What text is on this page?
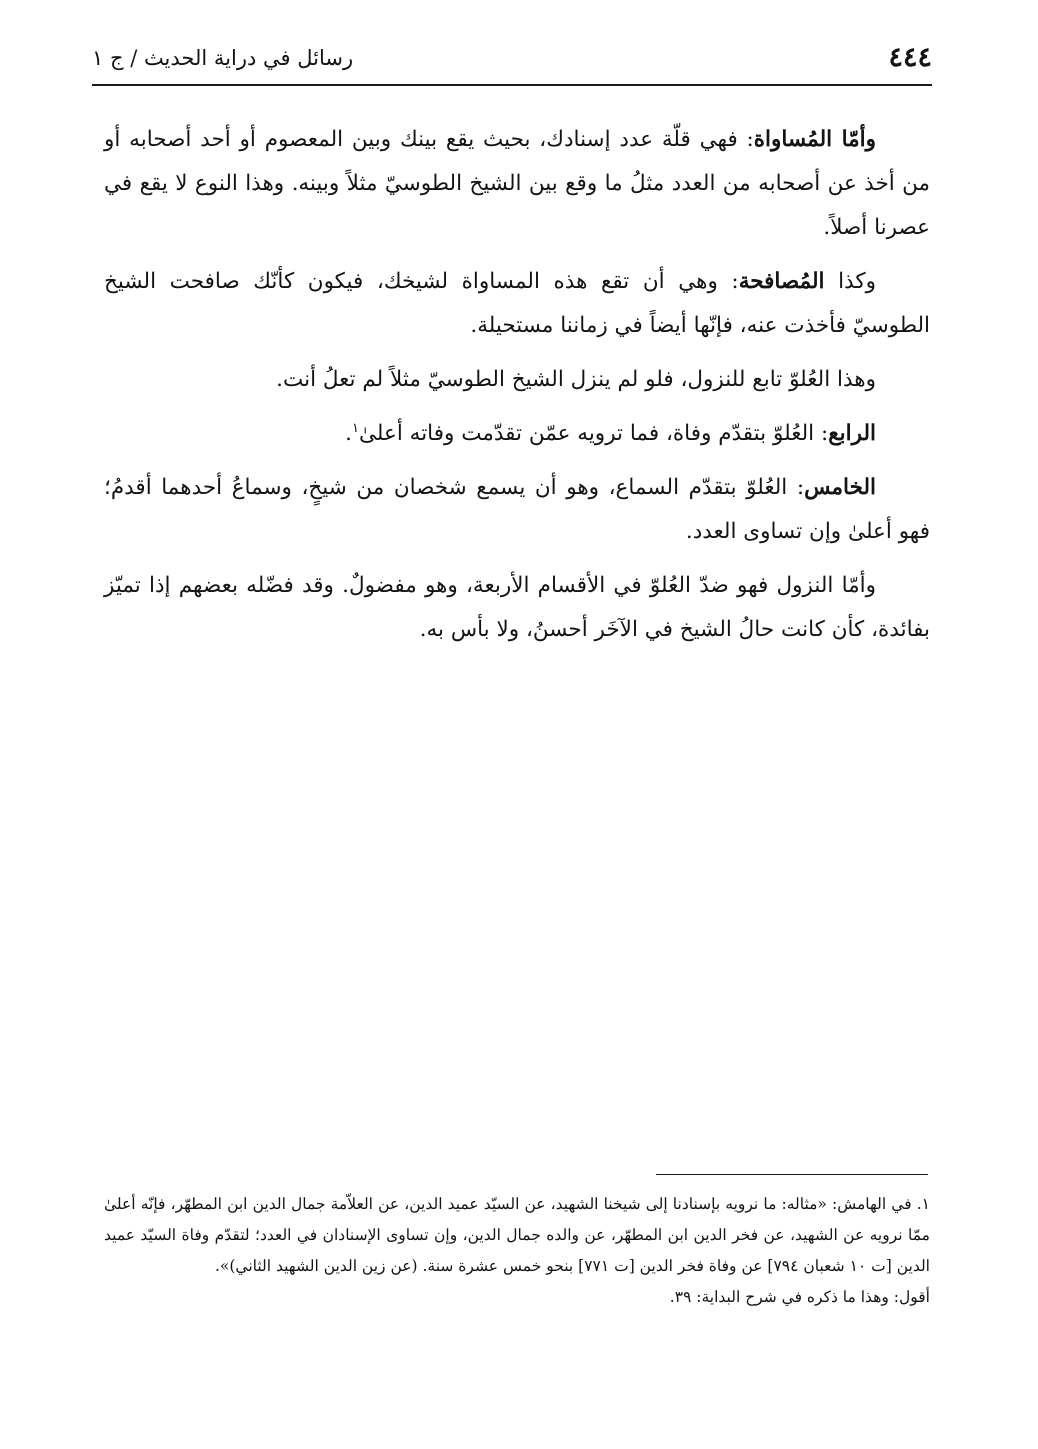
٤٤٤
رسائل في دراية الحديث / ج ١

وأمّا المُساواة: فهي قلّة عدد إسنادك، بحيث يقع بينك وبين المعصوم أو أحد أصحابه أو من أخذ عن أصحابه من العدد مثلُ ما وقع بين الشيخ الطوسيّ مثلاً وبينه. وهذا النوع لا يقع في عصرنا أصلاً.

وكذا المُصافحة: وهي أن تقع هذه المساواة لشيخك، فيكون كأنّك صافحت الشيخ الطوسيّ فأخذت عنه، فإنّها أيضاً في زماننا مستحيلة.

وهذا العُلوّ تابع للنزول، فلو لم ينزل الشيخ الطوسيّ مثلاً لم تعلُ أنت.

الرابع: العُلوّ بتقدّم وفاة، فما ترويه عمّن تقدّمت وفاته أعلىٰ$^١$.

الخامس: العُلوّ بتقدّم السماع، وهو أن يسمع شخصان من شيخٍ، وسماعُ أحدهما أقدمُ؛ فهو أعلىٰ وإن تساوى العدد.

وأمّا النزول فهو ضدّ العُلوّ في الأقسام الأربعة، وهو مفضولٌ. وقد فضّله بعضهم إذا تميّز بفائدة، كأن كانت حالُ الشيخ في الآخَر أحسنُ، ولا بأس به.

١. في الهامش: «مثاله: ما نرويه بإسنادنا إلى شيخنا الشهيد، عن السيّد عميد الدين، عن العلاّمة جمال الدين ابن المطهّر، فإنّه أعلىٰ ممّا نرويه عن الشهيد، عن فخر الدين ابن المطهّر، عن والده جمال الدين، وإن تساوى الإسنادان في العدد؛ لتقدّم وفاة السيّد عميد الدين [ت ١٠ شعبان ٧٩٤] عن وفاة فخر الدين [ت ٧٧١] بنحو خمس عشرة سنة. (عن زين الدين الشهيد الثاني)».

أقول: وهذا ما ذكره في شرح البداية: ٣٩.
